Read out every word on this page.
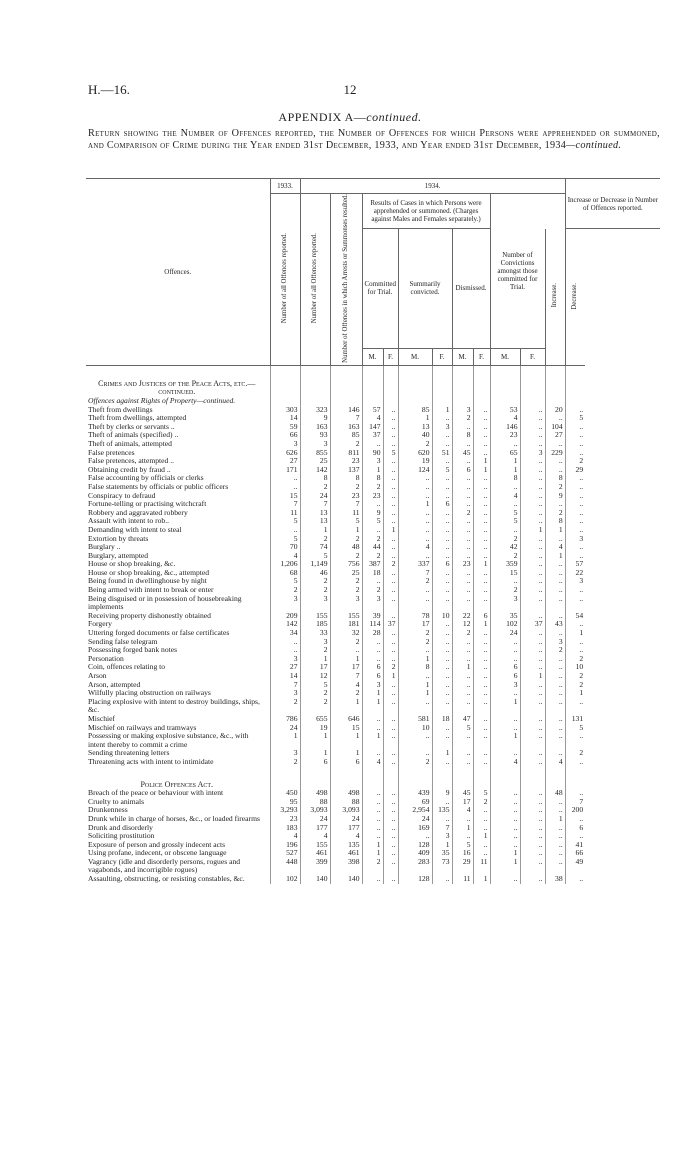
H.—16.	12
APPENDIX A—continued.
Return showing the Number of Offences reported, the Number of Offences for which Persons were apprehended or summoned, and Comparison of Crime during the Year ended 31st December, 1933, and Year ended 31st December, 1934—continued.
Offences.	1933.	1934.											Increase or Decrease in Number of Offences reported.
	Number of all Offences reported.	Number of all Offences reported.	Number of Offences in which Arrests or Summonses resulted.	Results of Cases in which Persons were apprehended or summoned. (Charges against Males and Females separately.)						Number of Convictions amongst those committed for Trial.			
				Committed for Trial.		Summarily convicted.		Dismissed.				Increase.	Decrease.
				M.	F.	M.	F.	M.	F.	M.	F.		

Crimes and Justices of the Peace Acts, etc.—continued.													
Offences against Rights of Property—continued.													
Theft from dwellings	303	323	146	57	..	85	1	3	..	53	..	20	..
Theft from dwellings, attempted	14	9	7	4	..	1	..	2	..	4	..	..	5
Theft by clerks or servants ..	59	163	163	147	..	13	3	..	..	146	..	104	..
Theft of animals (specified) ..	66	93	85	37	..	40	..	8	..	23	..	27	..
Theft of animals, attempted	3	3	2	..	..	2	..	..	..	..	..	..	..
False pretences	626	855	811	90	5	620	51	45	..	65	3	229	..
False pretences, attempted ..	27	25	23	3	..	19	..	..	1	1	..	..	2
Obtaining credit by fraud ..	171	142	137	1	..	124	5	6	1	1	..	..	29
False accounting by officials or clerks	..	8	8	8	..	..	..	..	..	8	..	8	..
False statements by officials or public officers	..	2	2	2	..	..	..	..	..	..	..	2	..
Conspiracy to defraud	15	24	23	23	..	..	..	..	..	4	..	9	..
Fortune-telling or practising witchcraft	7	7	7	..	..	1	6	..	..	..	..	..	..
Robbery and aggravated robbery	11	13	11	9	..	..	..	2	..	5	..	2	..
Assault with intent to rob..	5	13	5	5	..	..	..	..	..	5	..	8	..
Demanding with intent to steal	..	1	1	..	1	..	..	..	..	..	1	1	..
Extortion by threats	5	2	2	2	..	..	..	..	..	2	..	..	3
Burglary ..	70	74	48	44	..	4	..	..	..	42	..	4	..
Burglary, attempted	4	5	2	2	..	..	..	..	..	2	..	1	..
House or shop breaking, &c.	1,206	1,149	756	387	2	337	6	23	1	359	..	..	57
House or shop breaking, &c., attempted	68	46	25	18	..	7	..	..	..	15	..	..	22
Being found in dwellinghouse by night	5	2	2	..	..	2	..	..	..	..	..	..	3
Being armed with intent to break or enter	2	2	2	2	..	..	..	..	..	2	..	..	..
Being disguised or in possession of housebreaking implements	3	3	3	3	..	..	..	..	..	3	..	..	..
Receiving property dishonestly obtained	209	155	155	39	..	78	10	22	6	35	..	..	54
Forgery	142	185	181	114	37	17	..	12	1	102	37	43	..
Uttering forged documents or false certificates	34	33	32	28	..	2	..	2	..	24	..	..	1
Sending false telegram	..	3	2	..	..	2	..	..	..	..	..	3	..
Possessing forged bank notes	..	2	..	..	..	..	..	..	..	..	..	2	..
Personation	3	1	1	..	..	1	..	..	..	..	..	..	2
Coin, offences relating to	27	17	17	6	2	8	..	1	..	6	..	..	10
Arson	14	12	7	6	1	..	..	..	..	6	1	..	2
Arson, attempted	7	5	4	3	..	1	..	..	..	3	..	..	2
Wilfully placing obstruction on railways	3	2	2	1	..	1	..	..	..	..	..	..	1
Placing explosive with intent to destroy buildings, ships, &c.	2	2	1	1	..	..	..	..	..	1	..	..	..
Mischief	786	655	646	..	..	581	18	47	..	..	..	..	131
Mischief on railways and tramways	24	19	15	..	..	10	..	5	..	..	..	..	5
Possessing or making explosive substance, &c., with intent thereby to commit a crime	1	1	1	1	..	..	..	..	..	1	..	..	..
Sending threatening letters	3	1	1	..	..	..	1	..	..	..	..	..	2
Threatening acts with intent to intimidate	2	6	6	4	..	2	..	..	..	4	..	4	..

Police Offences Act.													
Breach of the peace or behaviour with intent	450	498	498	..	..	439	9	45	5	..	..	48	..
Cruelty to animals	95	88	88	..	..	69	..	17	2	..	..	..	7
Drunkenness	3,293	3,093	3,093	..	..	2,954	135	4	..	..	..	..	200
Drunk while in charge of horses, &c., or loaded firearms	23	24	24	..	..	24	..	..	..	..	..	1	..
Drunk and disorderly	183	177	177	..	..	169	7	1	..	..	..	..	6
Soliciting prostitution	4	4	4	..	..	..	3	..	1	..	..	..	..
Exposure of person and grossly indecent acts	196	155	135	1	..	128	1	5	..	..	..	..	41
Using profane, indecent, or obscene language	527	461	461	1	..	409	35	16	..	1	..	..	66
Vagrancy (idle and disorderly persons, rogues and vagabonds, and incorrigible rogues)	448	399	398	2	..	283	73	29	11	1	..	..	49
Assaulting, obstructing, or resisting constables, &c.	102	140	140	..	..	128	..	11	1	..	..	38	..
